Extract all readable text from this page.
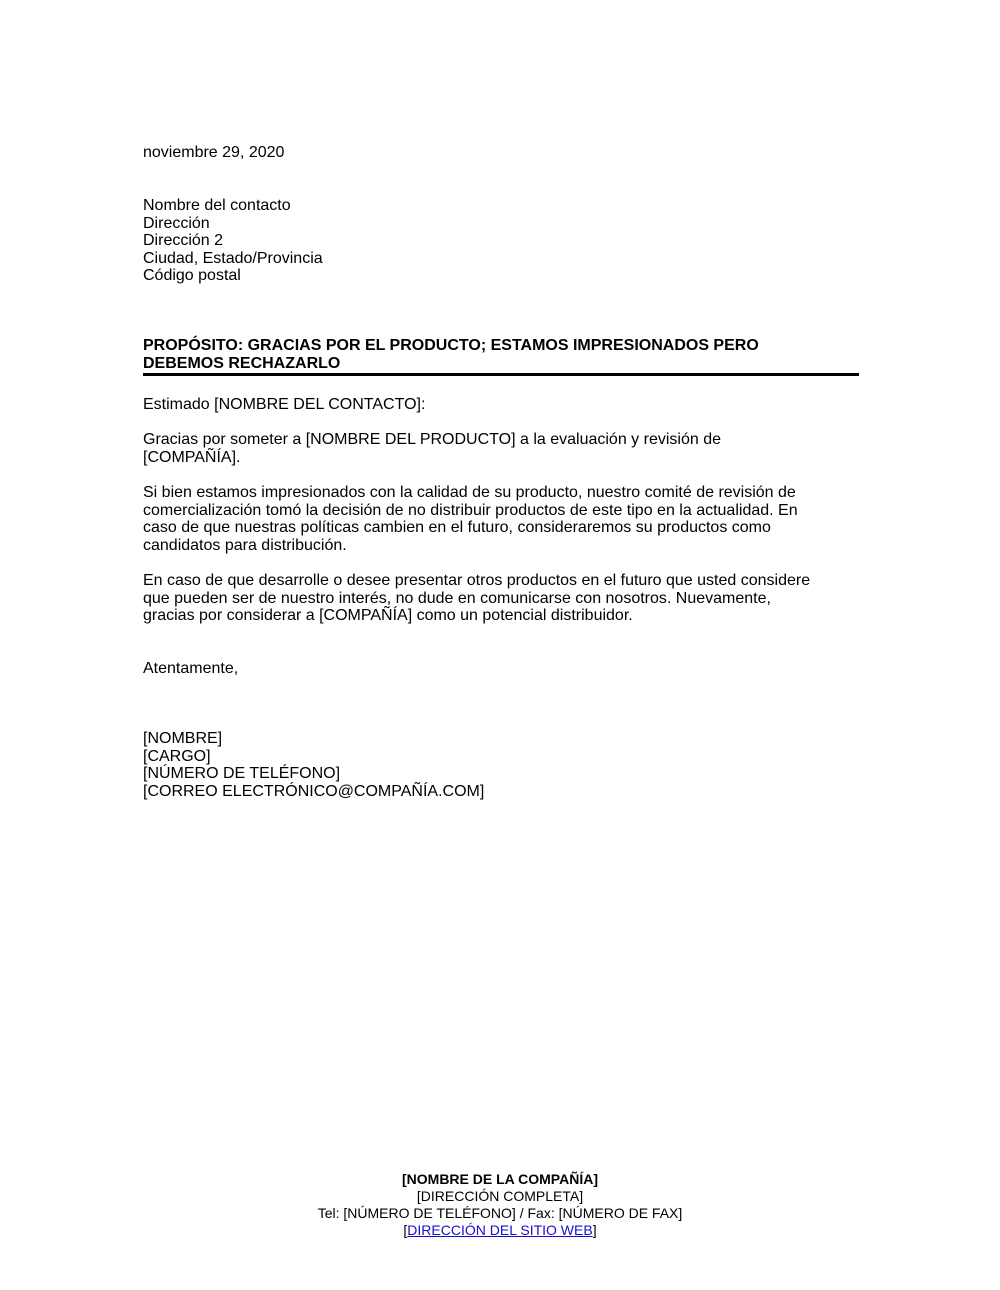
noviembre 29, 2020
Nombre del contacto
Dirección
Dirección 2
Ciudad, Estado/Provincia
Código postal
PROPÓSITO: GRACIAS POR EL PRODUCTO; ESTAMOS IMPRESIONADOS PERO
DEBEMOS RECHAZARLO
Estimado [NOMBRE DEL CONTACTO]:
Gracias por someter a [NOMBRE DEL PRODUCTO] a la evaluación y revisión de
[COMPAÑÍA].
Si bien estamos impresionados con la calidad de su producto, nuestro comité de revisión de
comercialización tomó la decisión de no distribuir productos de este tipo en la actualidad. En
caso de que nuestras políticas cambien en el futuro, consideraremos su productos como
candidatos para distribución.
En caso de que desarrolle o desee presentar otros productos en el futuro que usted considere
que pueden ser de nuestro interés, no dude en comunicarse con nosotros. Nuevamente,
gracias por considerar a [COMPAÑÍA] como un potencial distribuidor.
Atentamente,
[NOMBRE]
[CARGO]
[NÚMERO DE TELÉFONO]
[CORREO ELECTRÓNICO@COMPAÑÍA.COM]
[NOMBRE DE LA COMPAÑÍA]
[DIRECCIÓN COMPLETA]
Tel: [NÚMERO DE TELÉFONO] / Fax: [NÚMERO DE FAX]
[DIRECCIÓN DEL SITIO WEB]
